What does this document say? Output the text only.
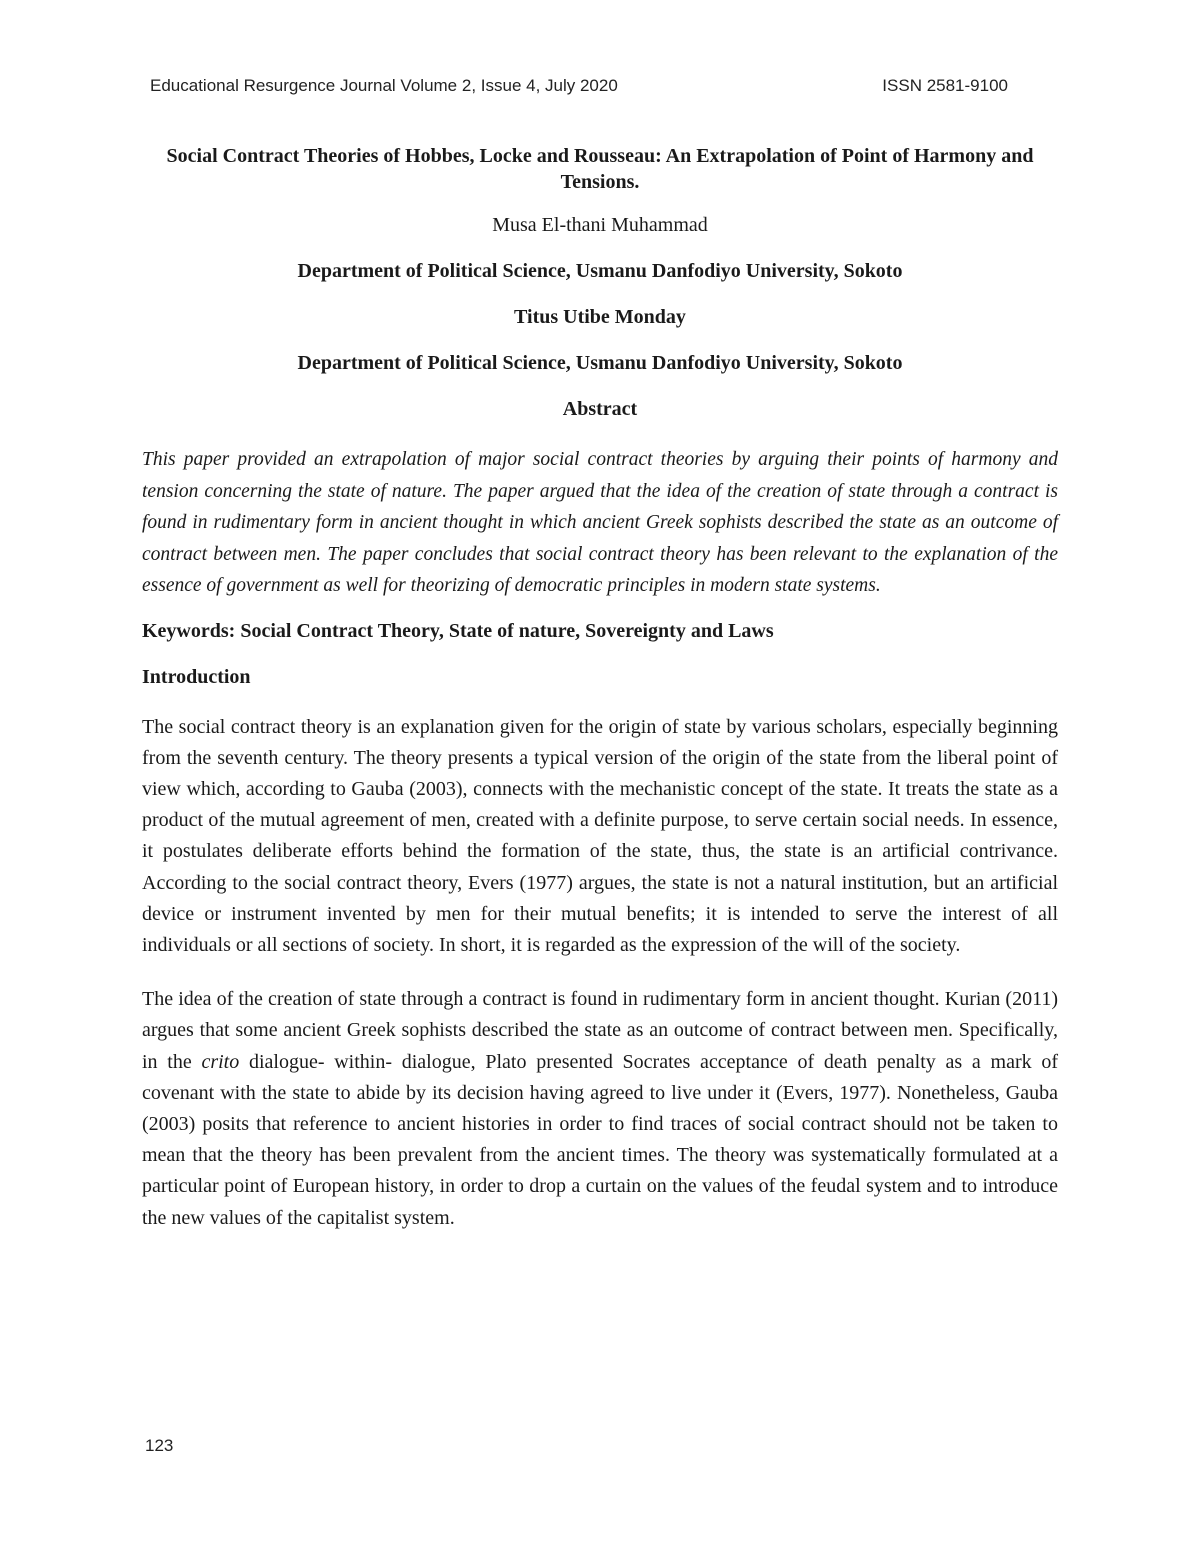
Educational Resurgence Journal Volume 2, Issue 4, July 2020	ISSN 2581-9100
Social Contract Theories of Hobbes, Locke and Rousseau: An Extrapolation of Point of Harmony and Tensions.

Musa El-thani Muhammad

Department of Political Science, Usmanu Danfodiyo University, Sokoto

Titus Utibe Monday

Department of Political Science, Usmanu Danfodiyo University, Sokoto

Abstract

This paper provided an extrapolation of major social contract theories by arguing their points of harmony and tension concerning the state of nature. The paper argued that the idea of the creation of state through a contract is found in rudimentary form in ancient thought in which ancient Greek sophists described the state as an outcome of contract between men. The paper concludes that social contract theory has been relevant to the explanation of the essence of government as well for theorizing of democratic principles in modern state systems.

Keywords: Social Contract Theory, State of nature, Sovereignty and Laws

Introduction

The social contract theory is an explanation given for the origin of state by various scholars, especially beginning from the seventh century. The theory presents a typical version of the origin of the state from the liberal point of view which, according to Gauba (2003), connects with the mechanistic concept of the state. It treats the state as a product of the mutual agreement of men, created with a definite purpose, to serve certain social needs. In essence, it postulates deliberate efforts behind the formation of the state, thus, the state is an artificial contrivance. According to the social contract theory, Evers (1977) argues, the state is not a natural institution, but an artificial device or instrument invented by men for their mutual benefits; it is intended to serve the interest of all individuals or all sections of society. In short, it is regarded as the expression of the will of the society.

The idea of the creation of state through a contract is found in rudimentary form in ancient thought. Kurian (2011) argues that some ancient Greek sophists described the state as an outcome of contract between men. Specifically, in the crito dialogue- within- dialogue, Plato presented Socrates acceptance of death penalty as a mark of covenant with the state to abide by its decision having agreed to live under it (Evers, 1977). Nonetheless, Gauba (2003) posits that reference to ancient histories in order to find traces of social contract should not be taken to mean that the theory has been prevalent from the ancient times. The theory was systematically formulated at a particular point of European history, in order to drop a curtain on the values of the feudal system and to introduce the new values of the capitalist system.

123
